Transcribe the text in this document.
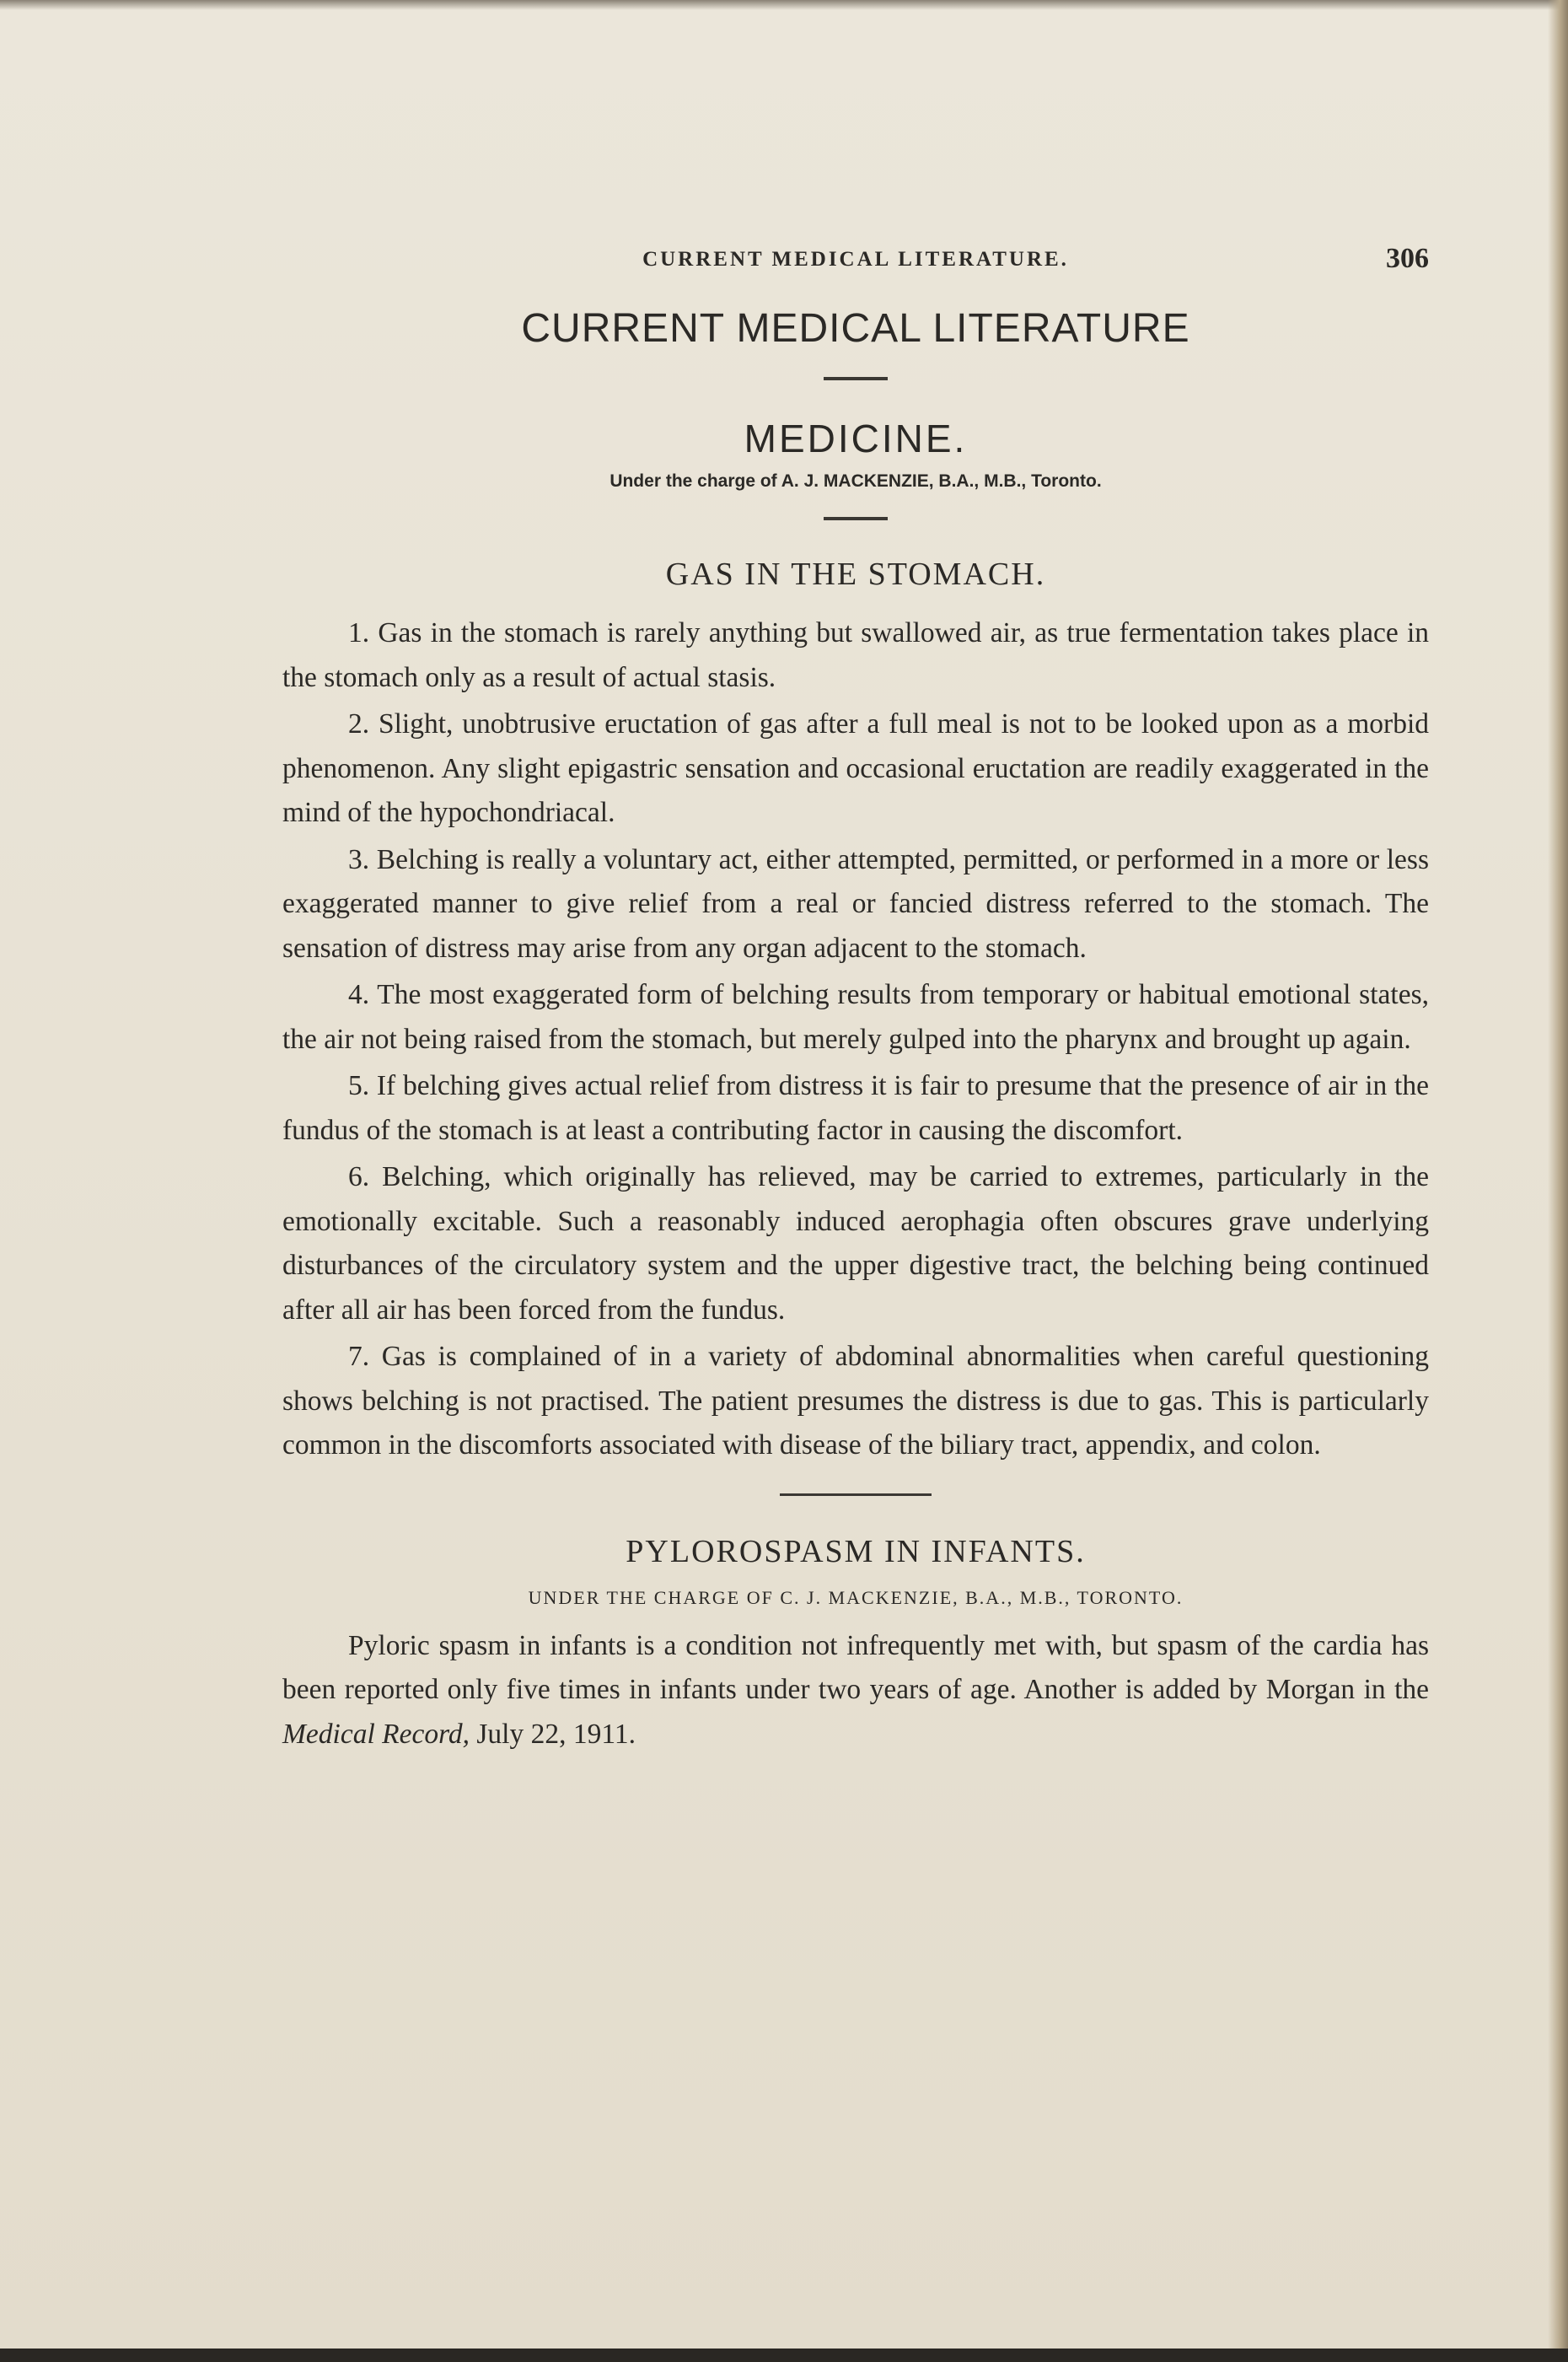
CURRENT MEDICAL LITERATURE.	306
CURRENT MEDICAL LITERATURE
MEDICINE.
Under the charge of A. J. MACKENZIE, B.A., M.B., Toronto.
GAS IN THE STOMACH.

1. Gas in the stomach is rarely anything but swallowed air, as true fermentation takes place in the stomach only as a result of actual stasis.

2. Slight, unobtrusive eructation of gas after a full meal is not to be looked upon as a morbid phenomenon. Any slight epigastric sensation and occasional eructation are readily exaggerated in the mind of the hypochondriacal.

3. Belching is really a voluntary act, either attempted, permitted, or performed in a more or less exaggerated manner to give relief from a real or fancied distress referred to the stomach. The sensation of distress may arise from any organ adjacent to the stomach.

4. The most exaggerated form of belching results from temporary or habitual emotional states, the air not being raised from the stomach, but merely gulped into the pharynx and brought up again.

5. If belching gives actual relief from distress it is fair to presume that the presence of air in the fundus of the stomach is at least a contributing factor in causing the discomfort.

6. Belching, which originally has relieved, may be carried to extremes, particularly in the emotionally excitable. Such a reasonably induced aerophagia often obscures grave underlying disturbances of the circulatory system and the upper digestive tract, the belching being continued after all air has been forced from the fundus.

7. Gas is complained of in a variety of abdominal abnormalities when careful questioning shows belching is not practised. The patient presumes the distress is due to gas. This is particularly common in the discomforts associated with disease of the biliary tract, appendix, and colon.

PYLOROSPASM IN INFANTS.
UNDER THE CHARGE OF C. J. MACKENZIE, B.A., M.B., TORONTO.

Pyloric spasm in infants is a condition not infrequently met with, but spasm of the cardia has been reported only five times in infants under two years of age. Another is added by Morgan in the Medical Record, July 22, 1911.
